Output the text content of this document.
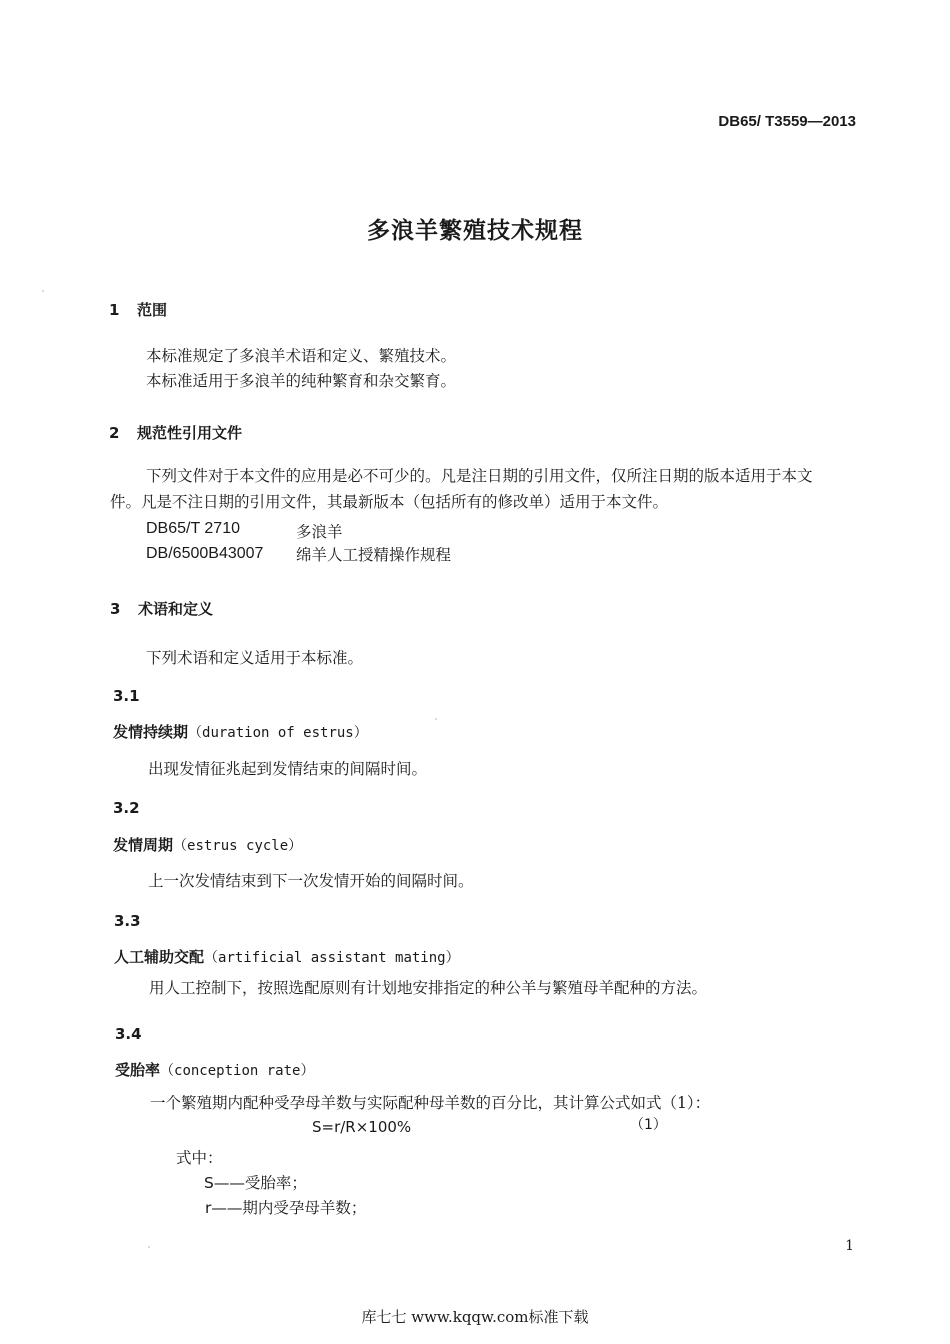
DB65/ T3559—2013
多浪羊繁殖技术规程
1 范围
本标准规定了多浪羊术语和定义、繁殖技术。
本标准适用于多浪羊的纯种繁育和杂交繁育。
2 规范性引用文件
下列文件对于本文件的应用是必不可少的。凡是注日期的引用文件，仅所注日期的版本适用于本文
件。凡是不注日期的引用文件，其最新版本（包括所有的修改单）适用于本文件。
DB65/T 2710	多浪羊
DB/6500B43007 绵羊人工授精操作规程
3 术语和定义
下列术语和定义适用于本标准。
3.1
发情持续期（duration of estrus）
出现发情征兆起到发情结束的间隔时间。
3.2
发情周期（estrus cycle）
上一次发情结束到下一次发情开始的间隔时间。
3.3
人工辅助交配（artificial assistant mating）
用人工控制下，按照选配原则有计划地安排指定的种公羊与繁殖母羊配种的方法。
3.4
受胎率（conception rate）
一个繁殖期内配种受孕母羊数与实际配种母羊数的百分比，其计算公式如式（1）：
S=r/R×100%	（1）
式中：
S——受胎率；
r——期内受孕母羊数；
1
库七七 www.kqqw.com标准下载
